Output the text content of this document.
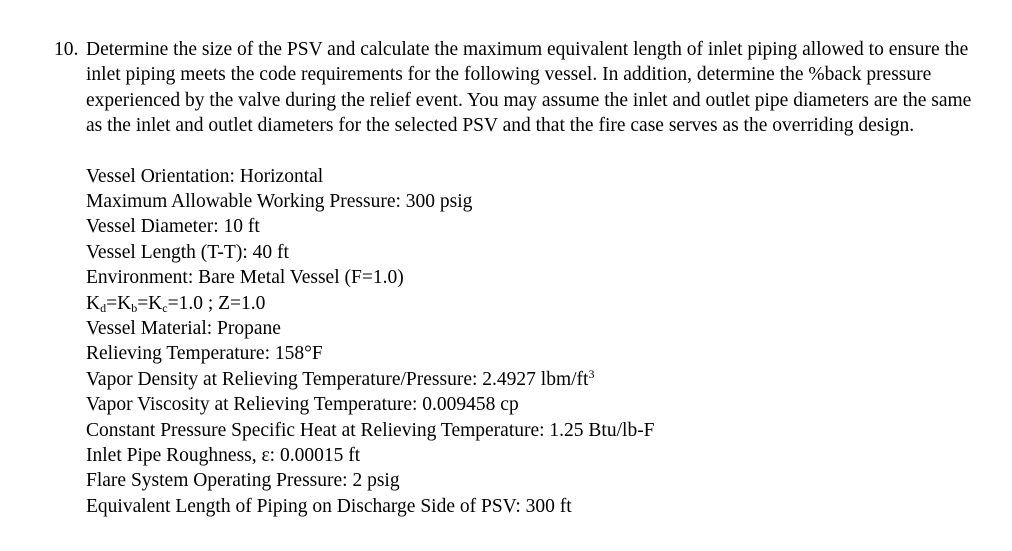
10. Determine the size of the PSV and calculate the maximum equivalent length of inlet piping allowed to ensure the inlet piping meets the code requirements for the following vessel. In addition, determine the %back pressure experienced by the valve during the relief event. You may assume the inlet and outlet pipe diameters are the same as the inlet and outlet diameters for the selected PSV and that the fire case serves as the overriding design.

Vessel Orientation: Horizontal
Maximum Allowable Working Pressure: 300 psig
Vessel Diameter: 10 ft
Vessel Length (T-T): 40 ft
Environment: Bare Metal Vessel (F=1.0)
$K_d=K_b=K_c=1.0$ ; Z=1.0
Vessel Material: Propane
Relieving Temperature: 158°F
Vapor Density at Relieving Temperature/Pressure: 2.4927 lbm/$ft^3$
Vapor Viscosity at Relieving Temperature: 0.009458 cp
Constant Pressure Specific Heat at Relieving Temperature: 1.25 Btu/lb-F
Inlet Pipe Roughness, ε: 0.00015 ft
Flare System Operating Pressure: 2 psig
Equivalent Length of Piping on Discharge Side of PSV: 300 ft
